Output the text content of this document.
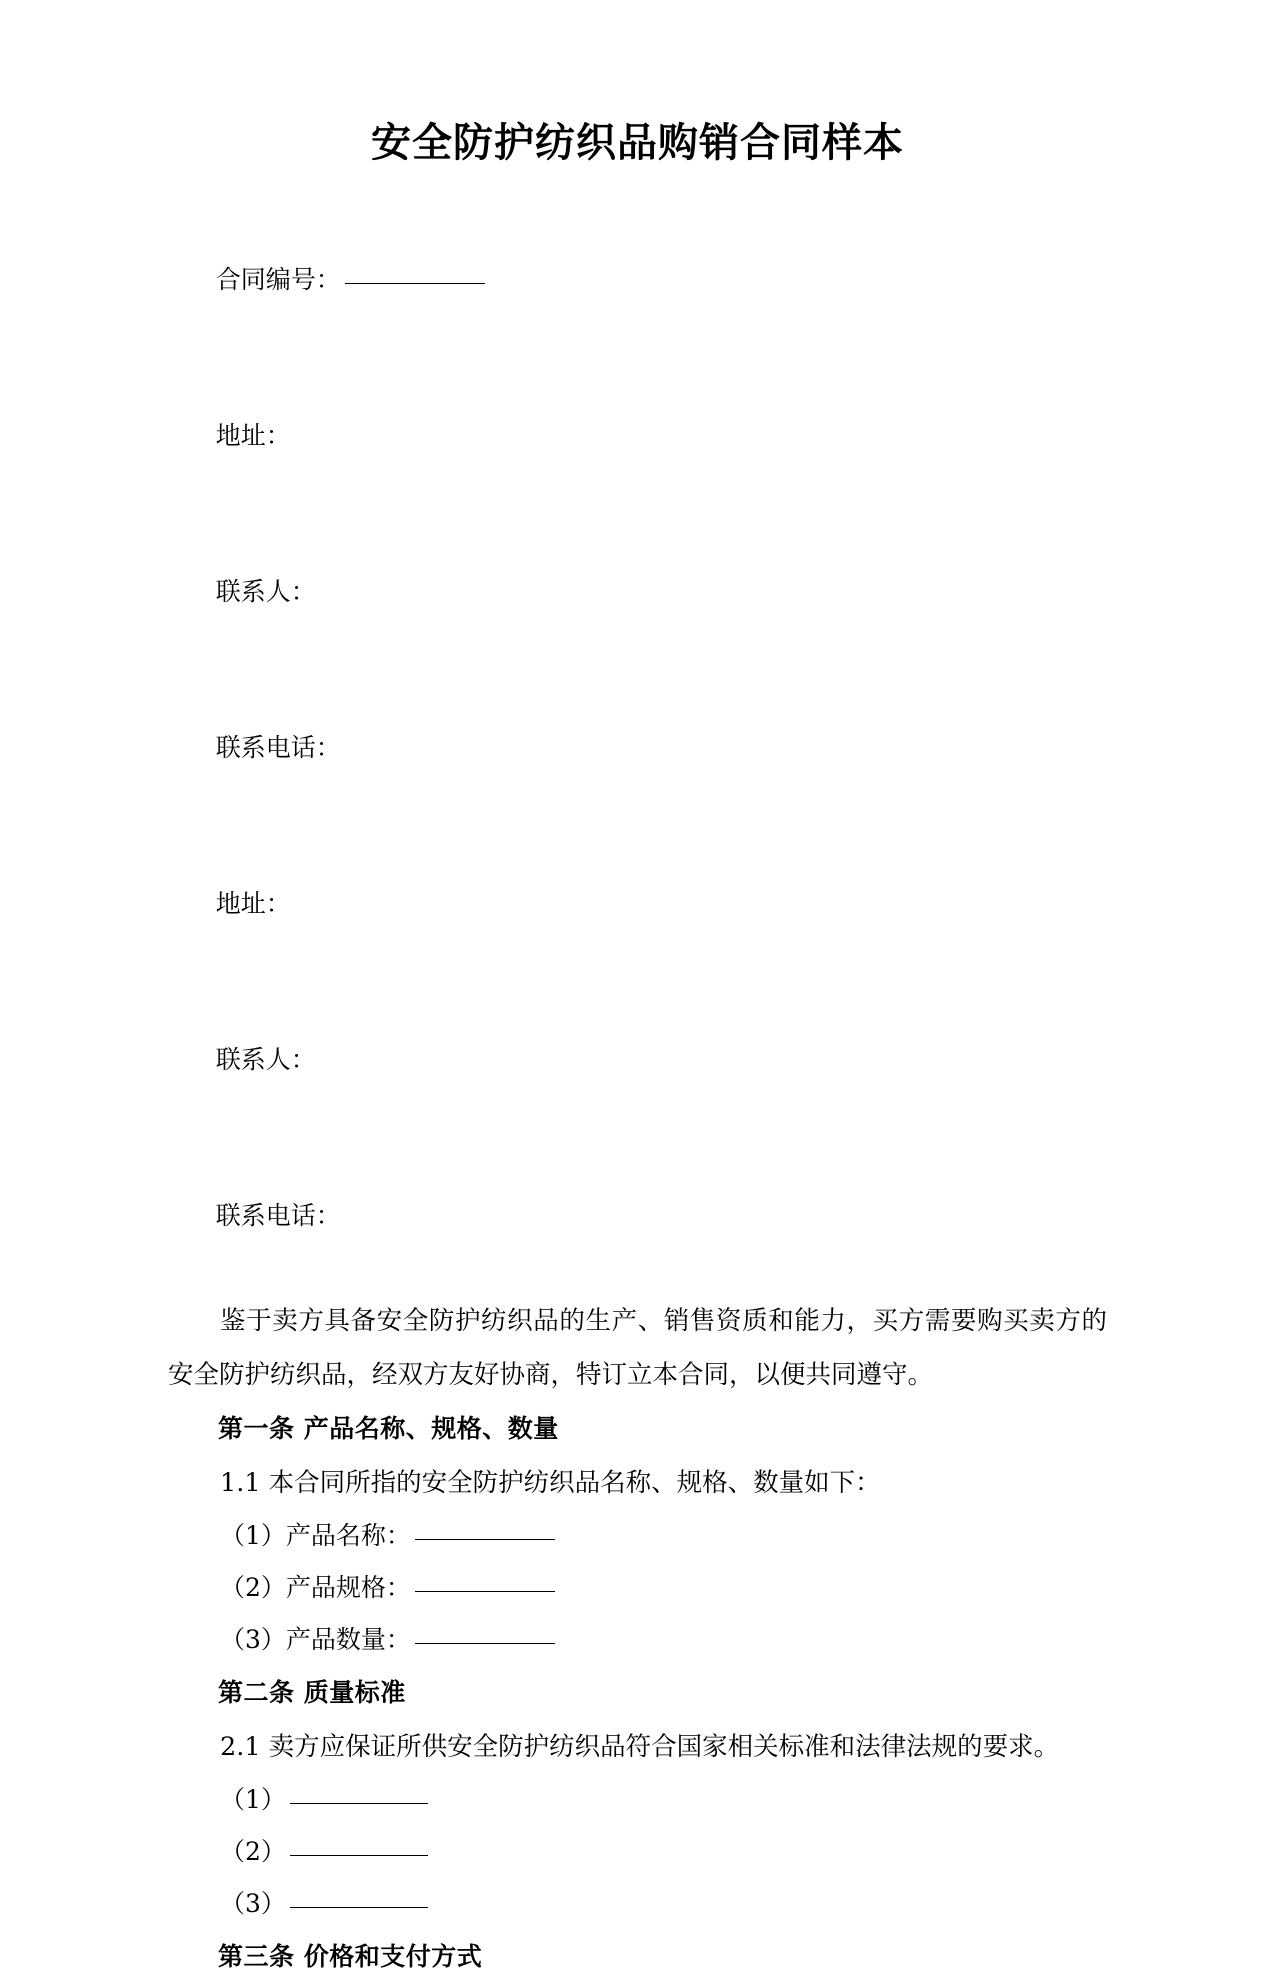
安全防护纺织品购销合同样本

合同编号：

地址：

联系人：

联系电话：

地址：

联系人：

联系电话：

鉴于卖方具备安全防护纺织品的生产、销售资质和能力，买方需要购买卖方的安全防护纺织品，经双方友好协商，特订立本合同，以便共同遵守。

第一条 产品名称、规格、数量

1.1 本合同所指的安全防护纺织品名称、规格、数量如下：

（1）产品名称：

（2）产品规格：

（3）产品数量：

第二条 质量标准

2.1 卖方应保证所供安全防护纺织品符合国家相关标准和法律法规的要求。

（1）

（2）

（3）

第三条 价格和支付方式
